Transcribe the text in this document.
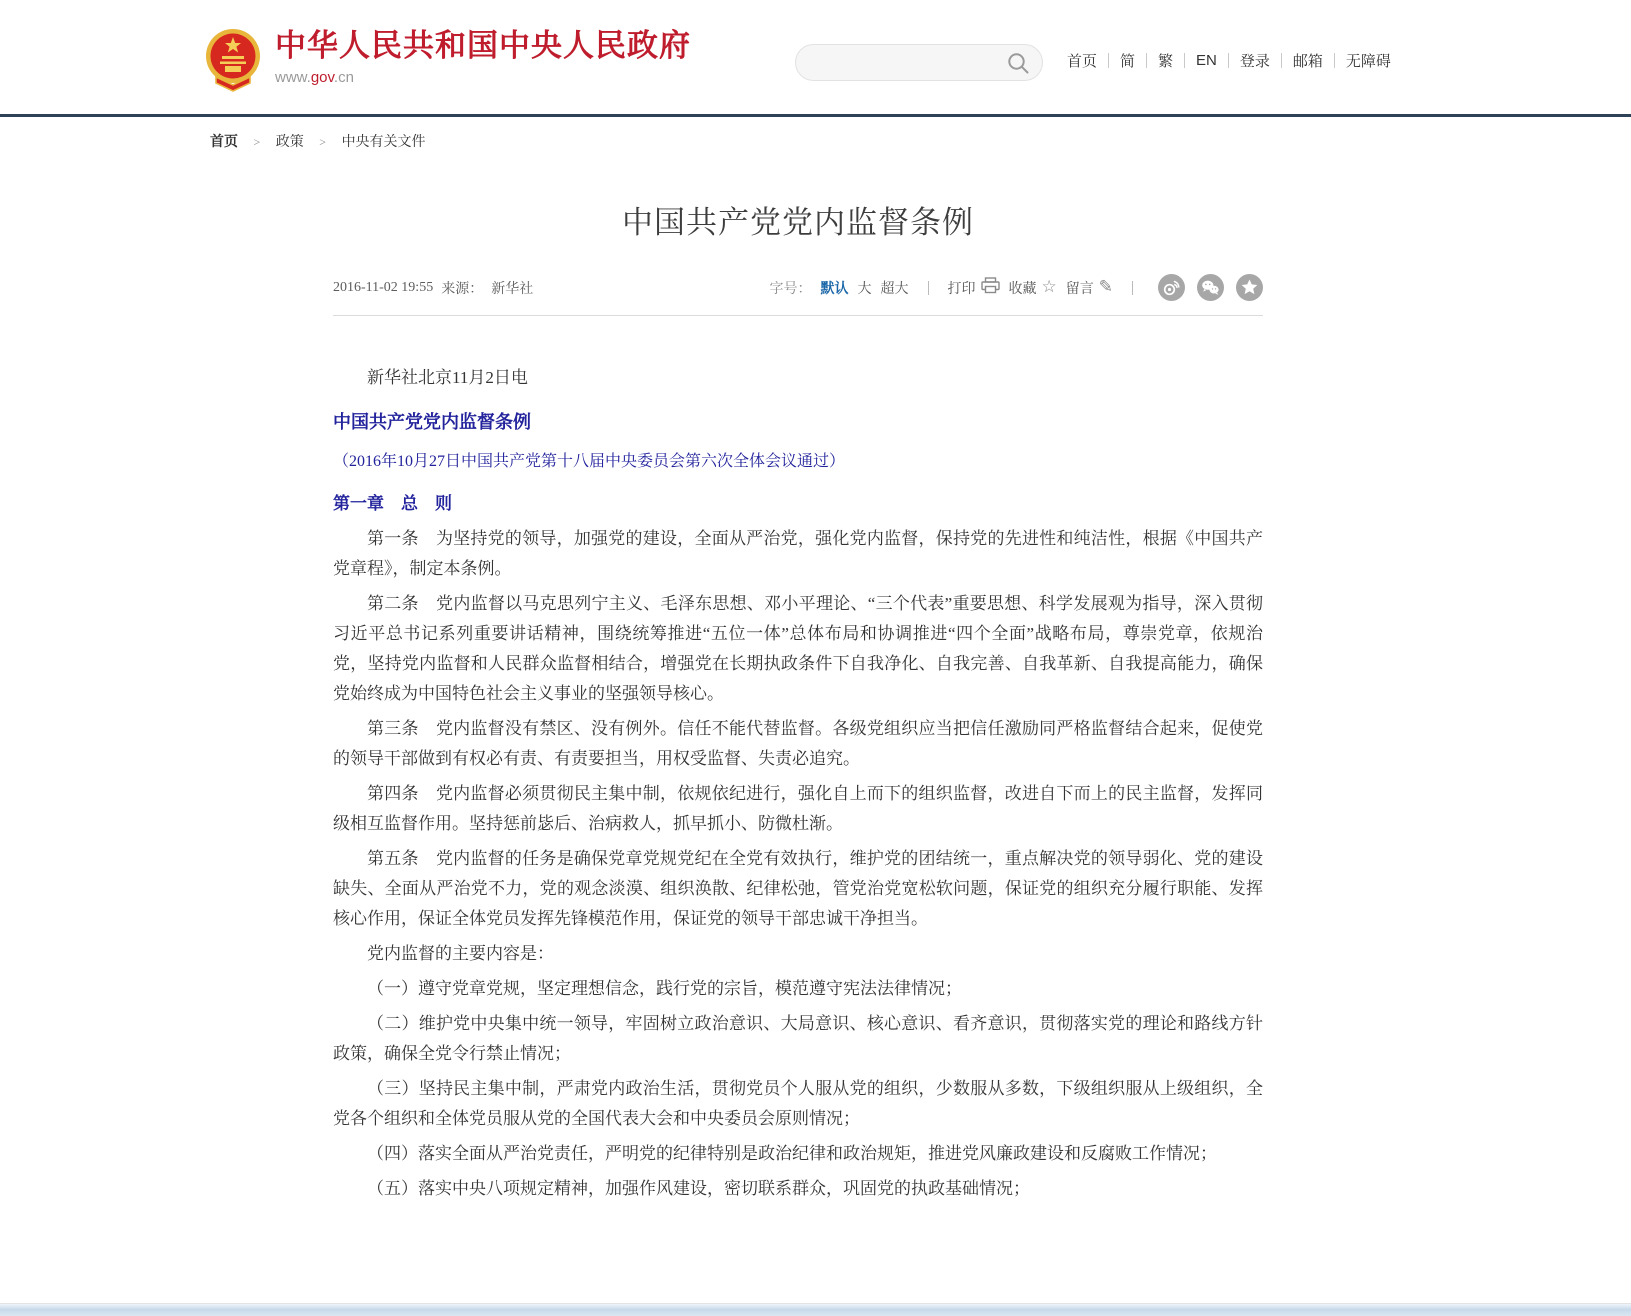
中华人民共和国中央人民政府
www.gov.cn
首页	简	繁	EN	登录	邮箱	无障碍
首页 > 政策 > 中央有关文件
中国共产党党内监督条例
2016-11-02 19:55 来源： 新华社	字号： 默认 大 超大	打印 收藏 ☆ 留言 ✎

新华社北京11月2日电

中国共产党党内监督条例

（2016年10月27日中国共产党第十八届中央委员会第六次全体会议通过）

第一章　总　则

第一条　为坚持党的领导，加强党的建设，全面从严治党，强化党内监督，保持党的先进性和纯洁性，根据《中国共产党章程》，制定本条例。

第二条　党内监督以马克思列宁主义、毛泽东思想、邓小平理论、“三个代表”重要思想、科学发展观为指导，深入贯彻习近平总书记系列重要讲话精神，围绕统筹推进“五位一体”总体布局和协调推进“四个全面”战略布局，尊崇党章，依规治党，坚持党内监督和人民群众监督相结合，增强党在长期执政条件下自我净化、自我完善、自我革新、自我提高能力，确保党始终成为中国特色社会主义事业的坚强领导核心。

第三条　党内监督没有禁区、没有例外。信任不能代替监督。各级党组织应当把信任激励同严格监督结合起来，促使党的领导干部做到有权必有责、有责要担当，用权受监督、失责必追究。

第四条　党内监督必须贯彻民主集中制，依规依纪进行，强化自上而下的组织监督，改进自下而上的民主监督，发挥同级相互监督作用。坚持惩前毖后、治病救人，抓早抓小、防微杜渐。

第五条　党内监督的任务是确保党章党规党纪在全党有效执行，维护党的团结统一，重点解决党的领导弱化、党的建设缺失、全面从严治党不力，党的观念淡漠、组织涣散、纪律松弛，管党治党宽松软问题，保证党的组织充分履行职能、发挥核心作用，保证全体党员发挥先锋模范作用，保证党的领导干部忠诚干净担当。

党内监督的主要内容是：

（一）遵守党章党规，坚定理想信念，践行党的宗旨，模范遵守宪法法律情况；

（二）维护党中央集中统一领导，牢固树立政治意识、大局意识、核心意识、看齐意识，贯彻落实党的理论和路线方针政策，确保全党令行禁止情况；

（三）坚持民主集中制，严肃党内政治生活，贯彻党员个人服从党的组织，少数服从多数，下级组织服从上级组织，全党各个组织和全体党员服从党的全国代表大会和中央委员会原则情况；

（四）落实全面从严治党责任，严明党的纪律特别是政治纪律和政治规矩，推进党风廉政建设和反腐败工作情况；

（五）落实中央八项规定精神，加强作风建设，密切联系群众，巩固党的执政基础情况；
